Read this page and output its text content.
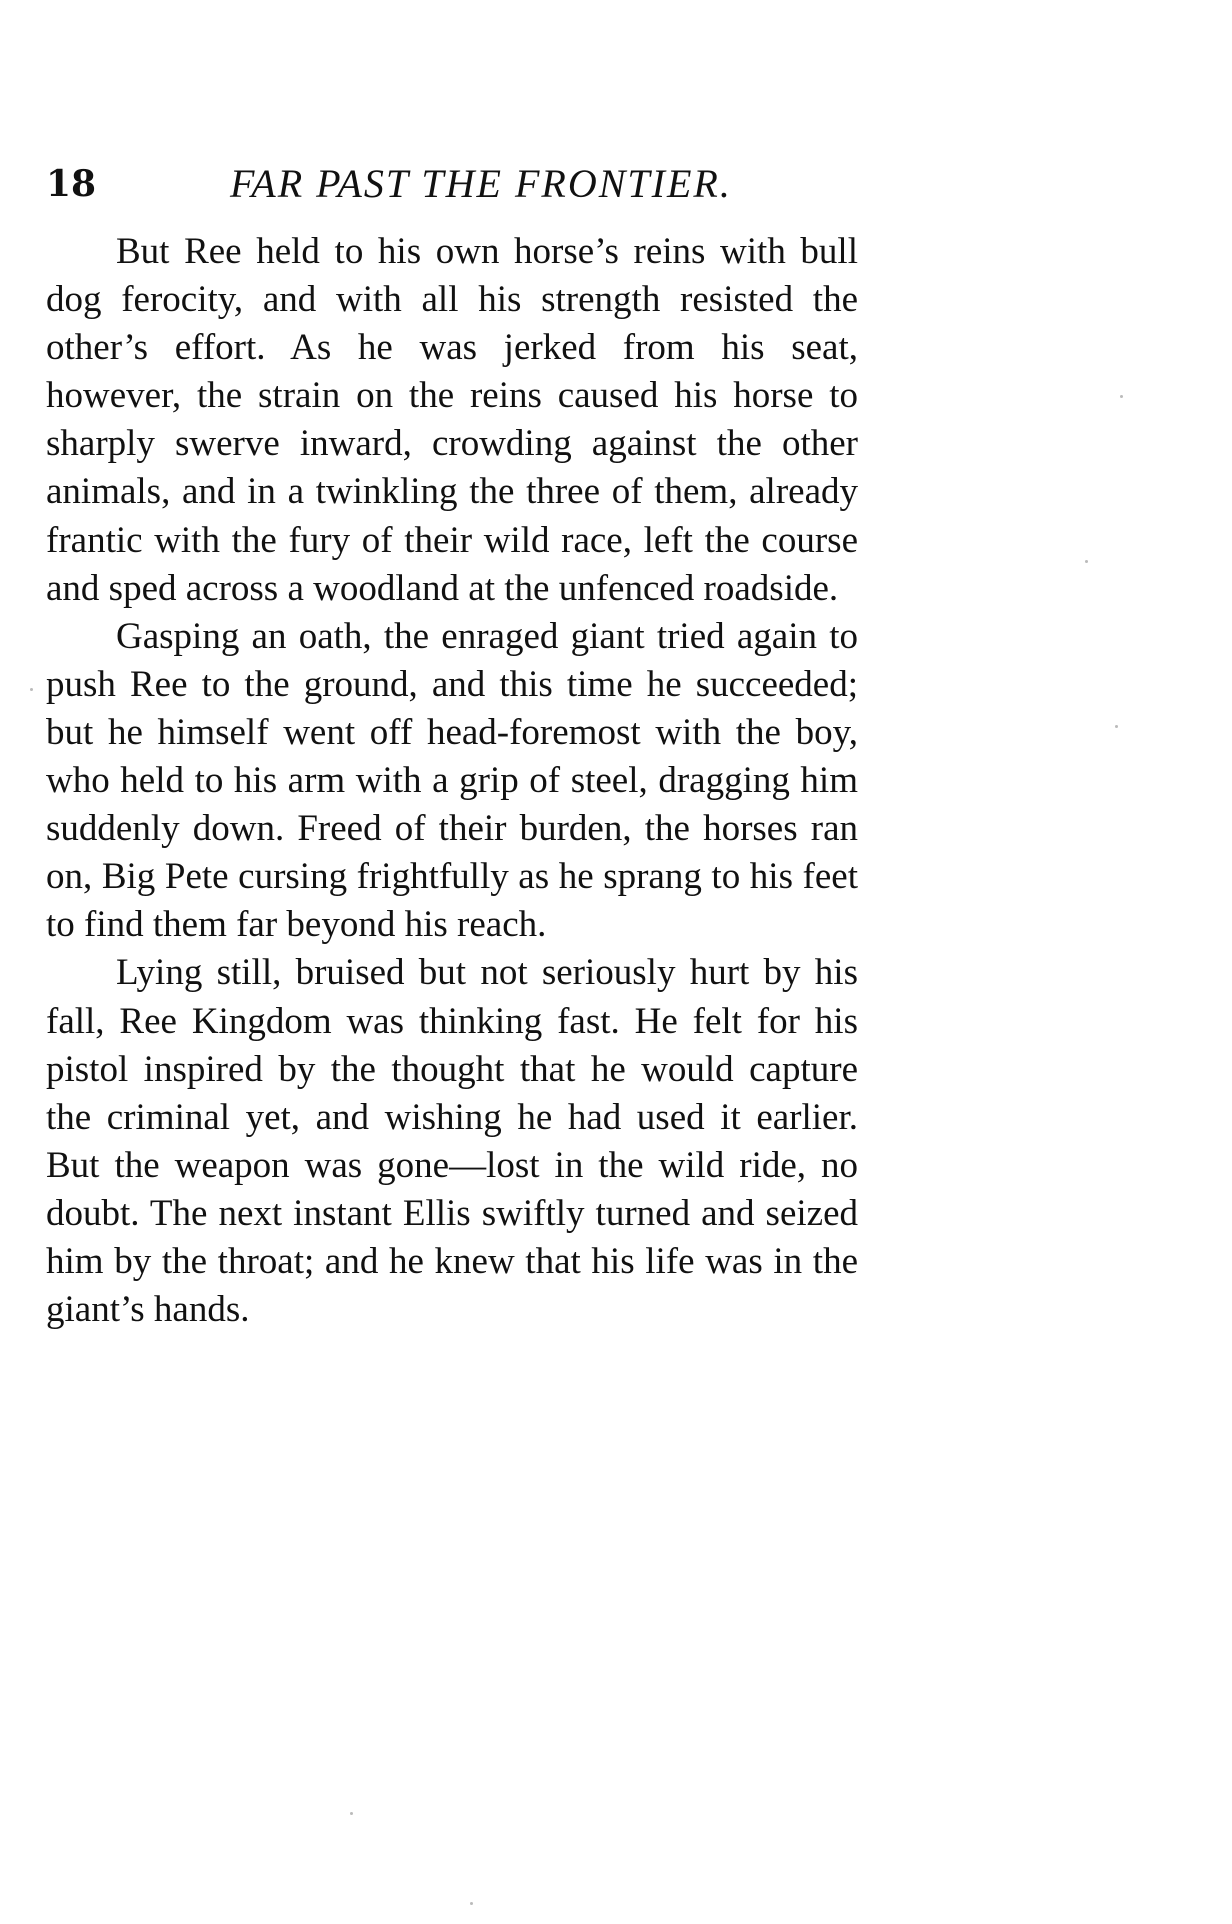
18	FAR PAST THE FRONTIER.

But Ree held to his own horse’s reins with bull dog ferocity, and with all his strength resisted the other’s effort. As he was jerked from his seat, however, the strain on the reins caused his horse to sharply swerve inward, crowding against the other animals, and in a twinkling the three of them, already frantic with the fury of their wild race, left the course and sped across a woodland at the unfenced roadside.

Gasping an oath, the enraged giant tried again to push Ree to the ground, and this time he succeeded; but he himself went off head-foremost with the boy, who held to his arm with a grip of steel, dragging him suddenly down. Freed of their burden, the horses ran on, Big Pete cursing frightfully as he sprang to his feet to find them far beyond his reach.

Lying still, bruised but not seriously hurt by his fall, Ree Kingdom was thinking fast. He felt for his pistol inspired by the thought that he would capture the criminal yet, and wishing he had used it earlier. But the weapon was gone—lost in the wild ride, no doubt. The next instant Ellis swiftly turned and seized him by the throat; and he knew that his life was in the giant’s hands.
